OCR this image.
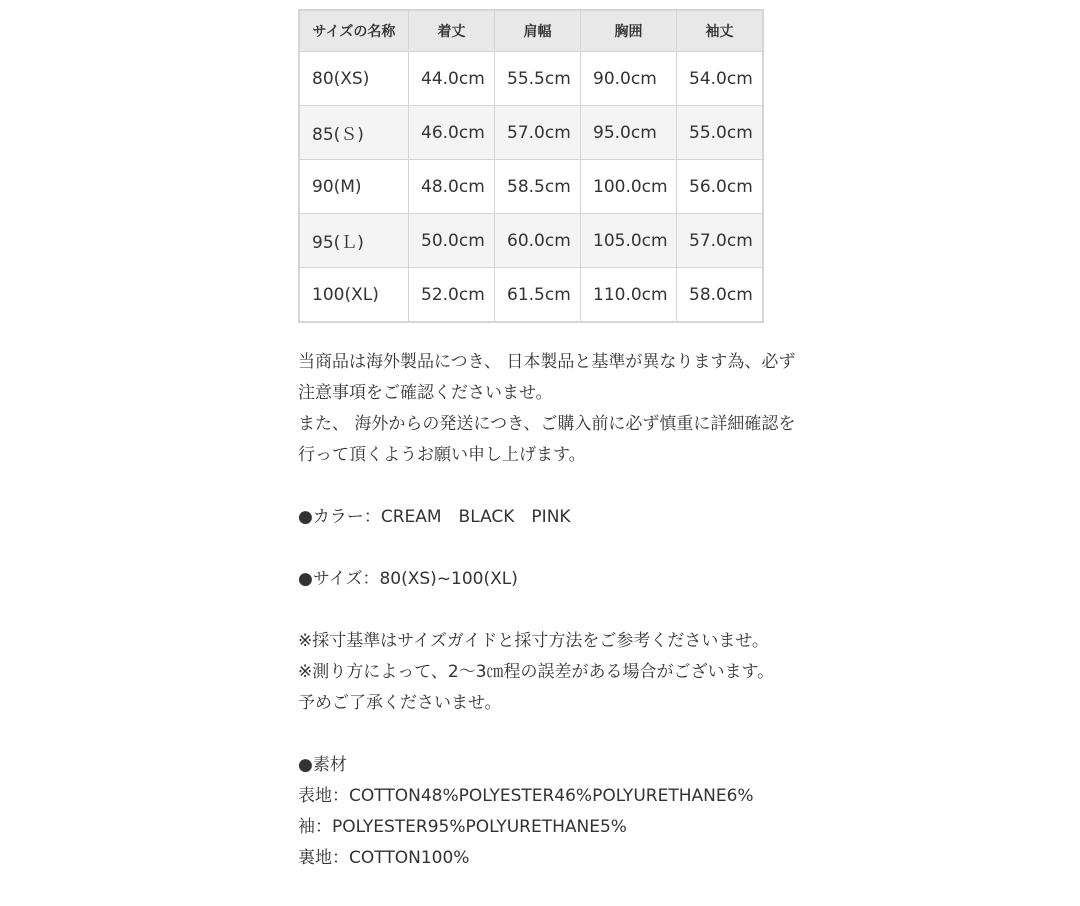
サイズの名称	着丈	肩幅	胸囲	袖丈
80(XS)	44.0cm	55.5cm	90.0cm	54.0cm
85(Ｓ)	46.0cm	57.0cm	95.0cm	55.0cm
90(M)	48.0cm	58.5cm	100.0cm	56.0cm
95(Ｌ)	50.0cm	60.0cm	105.0cm	57.0cm
100(XL)	52.0cm	61.5cm	110.0cm	58.0cm
当商品は海外製品につき、 日本製品と基準が異なります為、必ず
注意事項をご確認くださいませ。
また、 海外からの発送につき、ご購入前に必ず慎重に詳細確認を
行って頂くようお願い申し上げます。
●カラー：CREAM　BLACK　PINK
●サイズ：80(XS)~100(XL)
※採寸基準はサイズガイドと採寸方法をご参考くださいませ。
※測り方によって、2〜3㎝程の誤差がある場合がございます。
予めご了承くださいませ。
●素材
表地：COTTON48%POLYESTER46%POLYURETHANE6%
袖：POLYESTER95%POLYURETHANE5%
裏地：COTTON100%
